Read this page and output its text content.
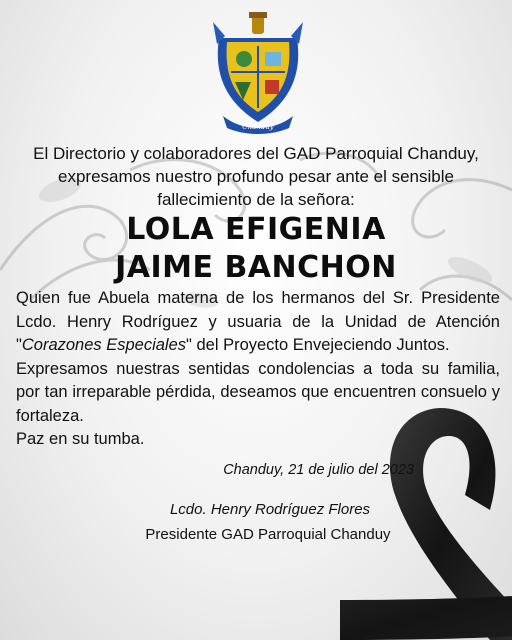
Chanduy

El Directorio y colaboradores del GAD Parroquial Chanduy,
expresamos nuestro profundo pesar ante el sensible
fallecimiento de la señora:

LOLA EFIGENIA
JAIME BANCHON

Quien fue Abuela materna de los hermanos del Sr. Presidente Lcdo. Henry Rodríguez y usuaria de la Unidad de Atención "Corazones Especiales" del Proyecto Envejeciendo Juntos.

Expresamos nuestras sentidas condolencias a toda su familia, por tan irreparable pérdida, deseamos que encuentren consuelo y fortaleza.

Paz en su tumba.

Chanduy, 21 de julio del 2023
Lcdo. Henry Rodríguez Flores
Presidente GAD Parroquial Chanduy
